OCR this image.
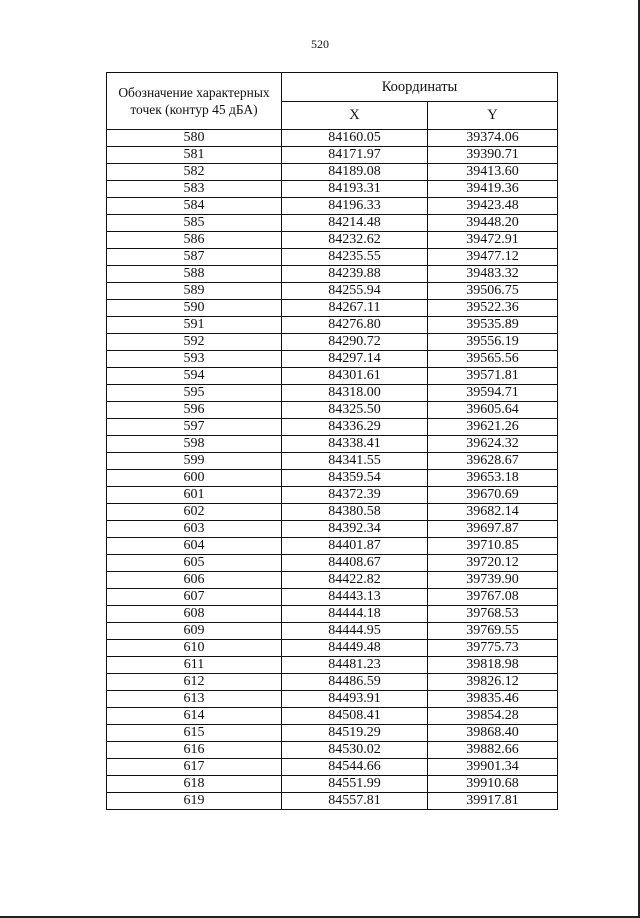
520
Обозначение характерных точек (контур 45 дБА)	Координаты	
	X	Y
580	84160.05	39374.06
581	84171.97	39390.71
582	84189.08	39413.60
583	84193.31	39419.36
584	84196.33	39423.48
585	84214.48	39448.20
586	84232.62	39472.91
587	84235.55	39477.12
588	84239.88	39483.32
589	84255.94	39506.75
590	84267.11	39522.36
591	84276.80	39535.89
592	84290.72	39556.19
593	84297.14	39565.56
594	84301.61	39571.81
595	84318.00	39594.71
596	84325.50	39605.64
597	84336.29	39621.26
598	84338.41	39624.32
599	84341.55	39628.67
600	84359.54	39653.18
601	84372.39	39670.69
602	84380.58	39682.14
603	84392.34	39697.87
604	84401.87	39710.85
605	84408.67	39720.12
606	84422.82	39739.90
607	84443.13	39767.08
608	84444.18	39768.53
609	84444.95	39769.55
610	84449.48	39775.73
611	84481.23	39818.98
612	84486.59	39826.12
613	84493.91	39835.46
614	84508.41	39854.28
615	84519.29	39868.40
616	84530.02	39882.66
617	84544.66	39901.34
618	84551.99	39910.68
619	84557.81	39917.81
